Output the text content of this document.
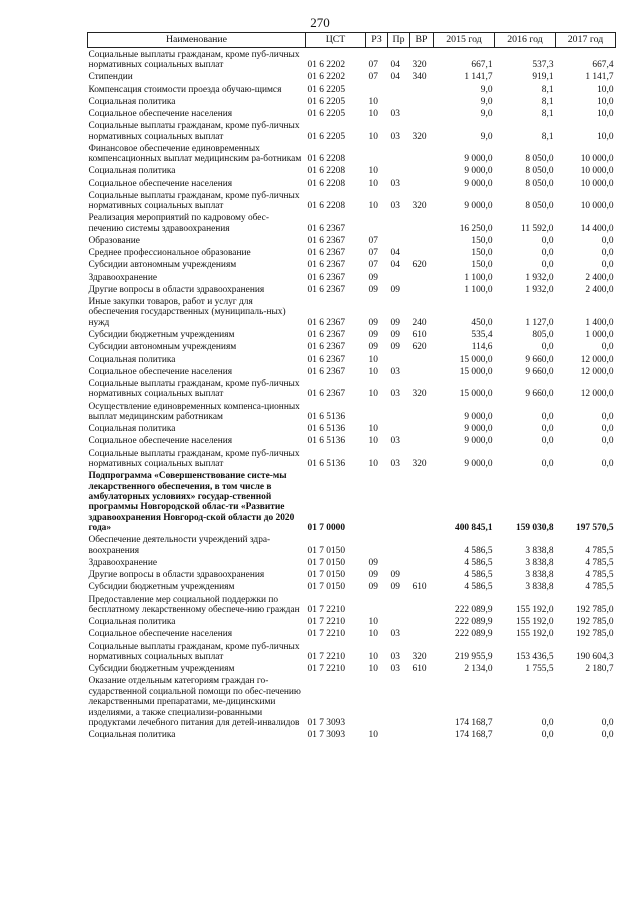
270
Наименование	ЦСТ	РЗ	Пр	ВР	2015 год	2016 год	2017 год
Социальные выплаты гражданам, кроме пуб-личных нормативных социальных выплат	01 6 2202	07	04	320	667,1	537,3	667,4
Стипендии	01 6 2202	07	04	340	1 141,7	919,1	1 141,7
Компенсация стоимости проезда обучаю-щимся	01 6 2205				9,0	8,1	10,0
Социальная политика	01 6 2205	10			9,0	8,1	10,0
Социальное обеспечение населения	01 6 2205	10	03		9,0	8,1	10,0
Социальные выплаты гражданам, кроме пуб-личных нормативных социальных выплат	01 6 2205	10	03	320	9,0	8,1	10,0
Финансовое обеспечение единовременных компенсационных выплат медицинским ра-ботникам	01 6 2208				9 000,0	8 050,0	10 000,0
Социальная политика	01 6 2208	10			9 000,0	8 050,0	10 000,0
Социальное обеспечение населения	01 6 2208	10	03		9 000,0	8 050,0	10 000,0
Социальные выплаты гражданам, кроме пуб-личных нормативных социальных выплат	01 6 2208	10	03	320	9 000,0	8 050,0	10 000,0
Реализация мероприятий по кадровому обес-печению системы здравоохранения	01 6 2367				16 250,0	11 592,0	14 400,0
Образование	01 6 2367	07			150,0	0,0	0,0
Среднее профессиональное образование	01 6 2367	07	04		150,0	0,0	0,0
Субсидии автономным учреждениям	01 6 2367	07	04	620	150,0	0,0	0,0
Здравоохранение	01 6 2367	09			1 100,0	1 932,0	2 400,0
Другие вопросы в области здравоохранения	01 6 2367	09	09		1 100,0	1 932,0	2 400,0
Иные закупки товаров, работ и услуг для обеспечения государственных (муниципаль-ных) нужд	01 6 2367	09	09	240	450,0	1 127,0	1 400,0
Субсидии бюджетным учреждениям	01 6 2367	09	09	610	535,4	805,0	1 000,0
Субсидии автономным учреждениям	01 6 2367	09	09	620	114,6	0,0	0,0
Социальная политика	01 6 2367	10			15 000,0	9 660,0	12 000,0
Социальное обеспечение населения	01 6 2367	10	03		15 000,0	9 660,0	12 000,0
Социальные выплаты гражданам, кроме пуб-личных нормативных социальных выплат	01 6 2367	10	03	320	15 000,0	9 660,0	12 000,0
Осуществление единовременных компенса-ционных выплат медицинским работникам	01 6 5136				9 000,0	0,0	0,0
Социальная политика	01 6 5136	10			9 000,0	0,0	0,0
Социальное обеспечение населения	01 6 5136	10	03		9 000,0	0,0	0,0
Социальные выплаты гражданам, кроме пуб-личных нормативных социальных выплат	01 6 5136	10	03	320	9 000,0	0,0	0,0
Подпрограмма «Совершенствование систе-мы лекарственного обеспечения, в том числе в амбулаторных условиях» государ-ственной программы Новгородской облас-ти «Развитие здравоохранения Новгород-ской области до 2020 года»	01 7 0000				400 845,1	159 030,8	197 570,5
Обеспечение деятельности учреждений здра-воохранения	01 7 0150				4 586,5	3 838,8	4 785,5
Здравоохранение	01 7 0150	09			4 586,5	3 838,8	4 785,5
Другие вопросы в области здравоохранения	01 7 0150	09	09		4 586,5	3 838,8	4 785,5
Субсидии бюджетным учреждениям	01 7 0150	09	09	610	4 586,5	3 838,8	4 785,5
Предоставление мер социальной поддержки по бесплатному лекарственному обеспече-нию граждан	01 7 2210				222 089,9	155 192,0	192 785,0
Социальная политика	01 7 2210	10			222 089,9	155 192,0	192 785,0
Социальное обеспечение населения	01 7 2210	10	03		222 089,9	155 192,0	192 785,0
Социальные выплаты гражданам, кроме пуб-личных нормативных социальных выплат	01 7 2210	10	03	320	219 955,9	153 436,5	190 604,3
Субсидии бюджетным учреждениям	01 7 2210	10	03	610	2 134,0	1 755,5	2 180,7
Оказание отдельным категориям граждан го-сударственной социальной помощи по обес-печению лекарственными препаратами, ме-дицинскими изделиями, а также специализи-рованными продуктами лечебного питания для детей-инвалидов	01 7 3093				174 168,7	0,0	0,0
Социальная политика	01 7 3093	10			174 168,7	0,0	0,0
